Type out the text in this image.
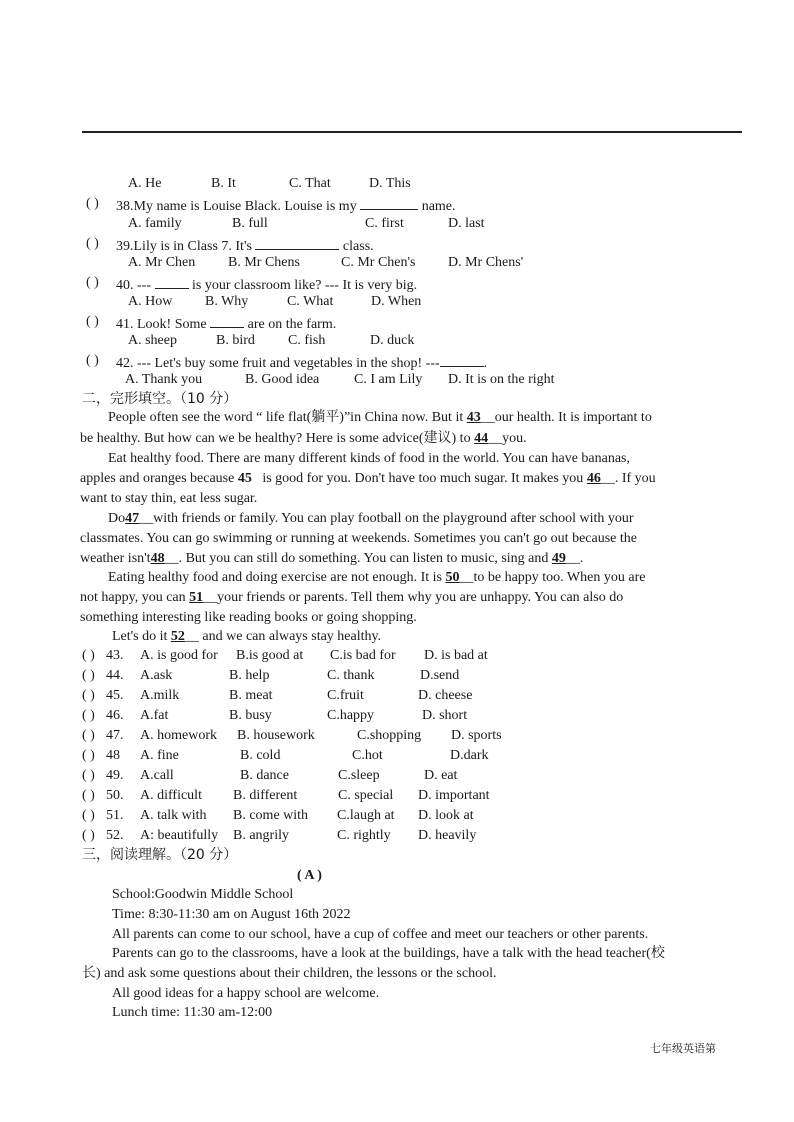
A. He	B. It	C. That	D. This
( ) 38.My name is Louise Black. Louise is my	name.
A. family	B. full	C. first	D. last
( ) 39.Lily is in Class 7. It's	class.
A. Mr Chen B. Mr Chens	C. Mr Chen's D. Mr Chens'
( ) 40. ---	is your classroom like? --- It is very big.
A. How B. Why	C. What	D. When
( ) 41. Look! Some	are on the farm.
A. sheep	B. bird C. fish	D. duck
( ) 42. --- Let's buy some fruit and vegetables in the shop! ---	.
A. Thank you	B. Good idea C. I am Lily D. It is on the right
二，完形填空。（10 分）
People often see the word “ life flat(躺平)”in China now. But it 43__our health. It is important to
be healthy. But how can we be healthy? Here is some advice(建议) to 44__you.
Eat healthy food. There are many different kinds of food in the world. You can have bananas,
apples and oranges because 45 is good for you. Don't have too much sugar. It makes you 46__. If you
want to stay thin, eat less sugar.
Do47__with friends or family. You can play football on the playground after school with your
classmates. You can go swimming or running at weekends. Sometimes you can't go out because the
weather isn't48__. But you can still do something. You can listen to music, sing and 49__.
Eating healthy food and doing exercise are not enough. It is 50__to be happy too. When you are
not happy, you can 51__your friends or parents. Tell them why you are unhappy. You can also do
something interesting like reading books or going shopping.
Let's do it 52__ and we can always stay healthy.
( ) 43. A. is good for B.is good at C.is bad for D. is bad at
( ) 44. A.ask	B. help	C. thank	D.send
( ) 45. A.milk	B. meat	C.fruit	D. cheese
( ) 46. A.fat	B. busy	C.happy	D. short
( ) 47. A. homework B. housework	C.shopping D. sports
( ) 48 A. fine	B. cold	C.hot	D.dark
( ) 49. A.call	B. dance	C.sleep	D. eat
( ) 50. A. difficult B. different	C. special D. important
( ) 51. A. talk with B. come with C.laugh at D. look at
( ) 52. A: beautifully B. angrily	C. rightly D. heavily
三，阅读理解。（20 分）
( A )
School:Goodwin Middle School
Time: 8:30-11:30 am on August 16th 2022
All parents can come to our school, have a cup of coffee and meet our teachers or other parents.
Parents can go to the classrooms, have a look at the buildings, have a talk with the head teacher(校
长) and ask some questions about their children, the lessons or the school.
All good ideas for a happy school are welcome.
Lunch time: 11:30 am-12:00
七年级英语第
